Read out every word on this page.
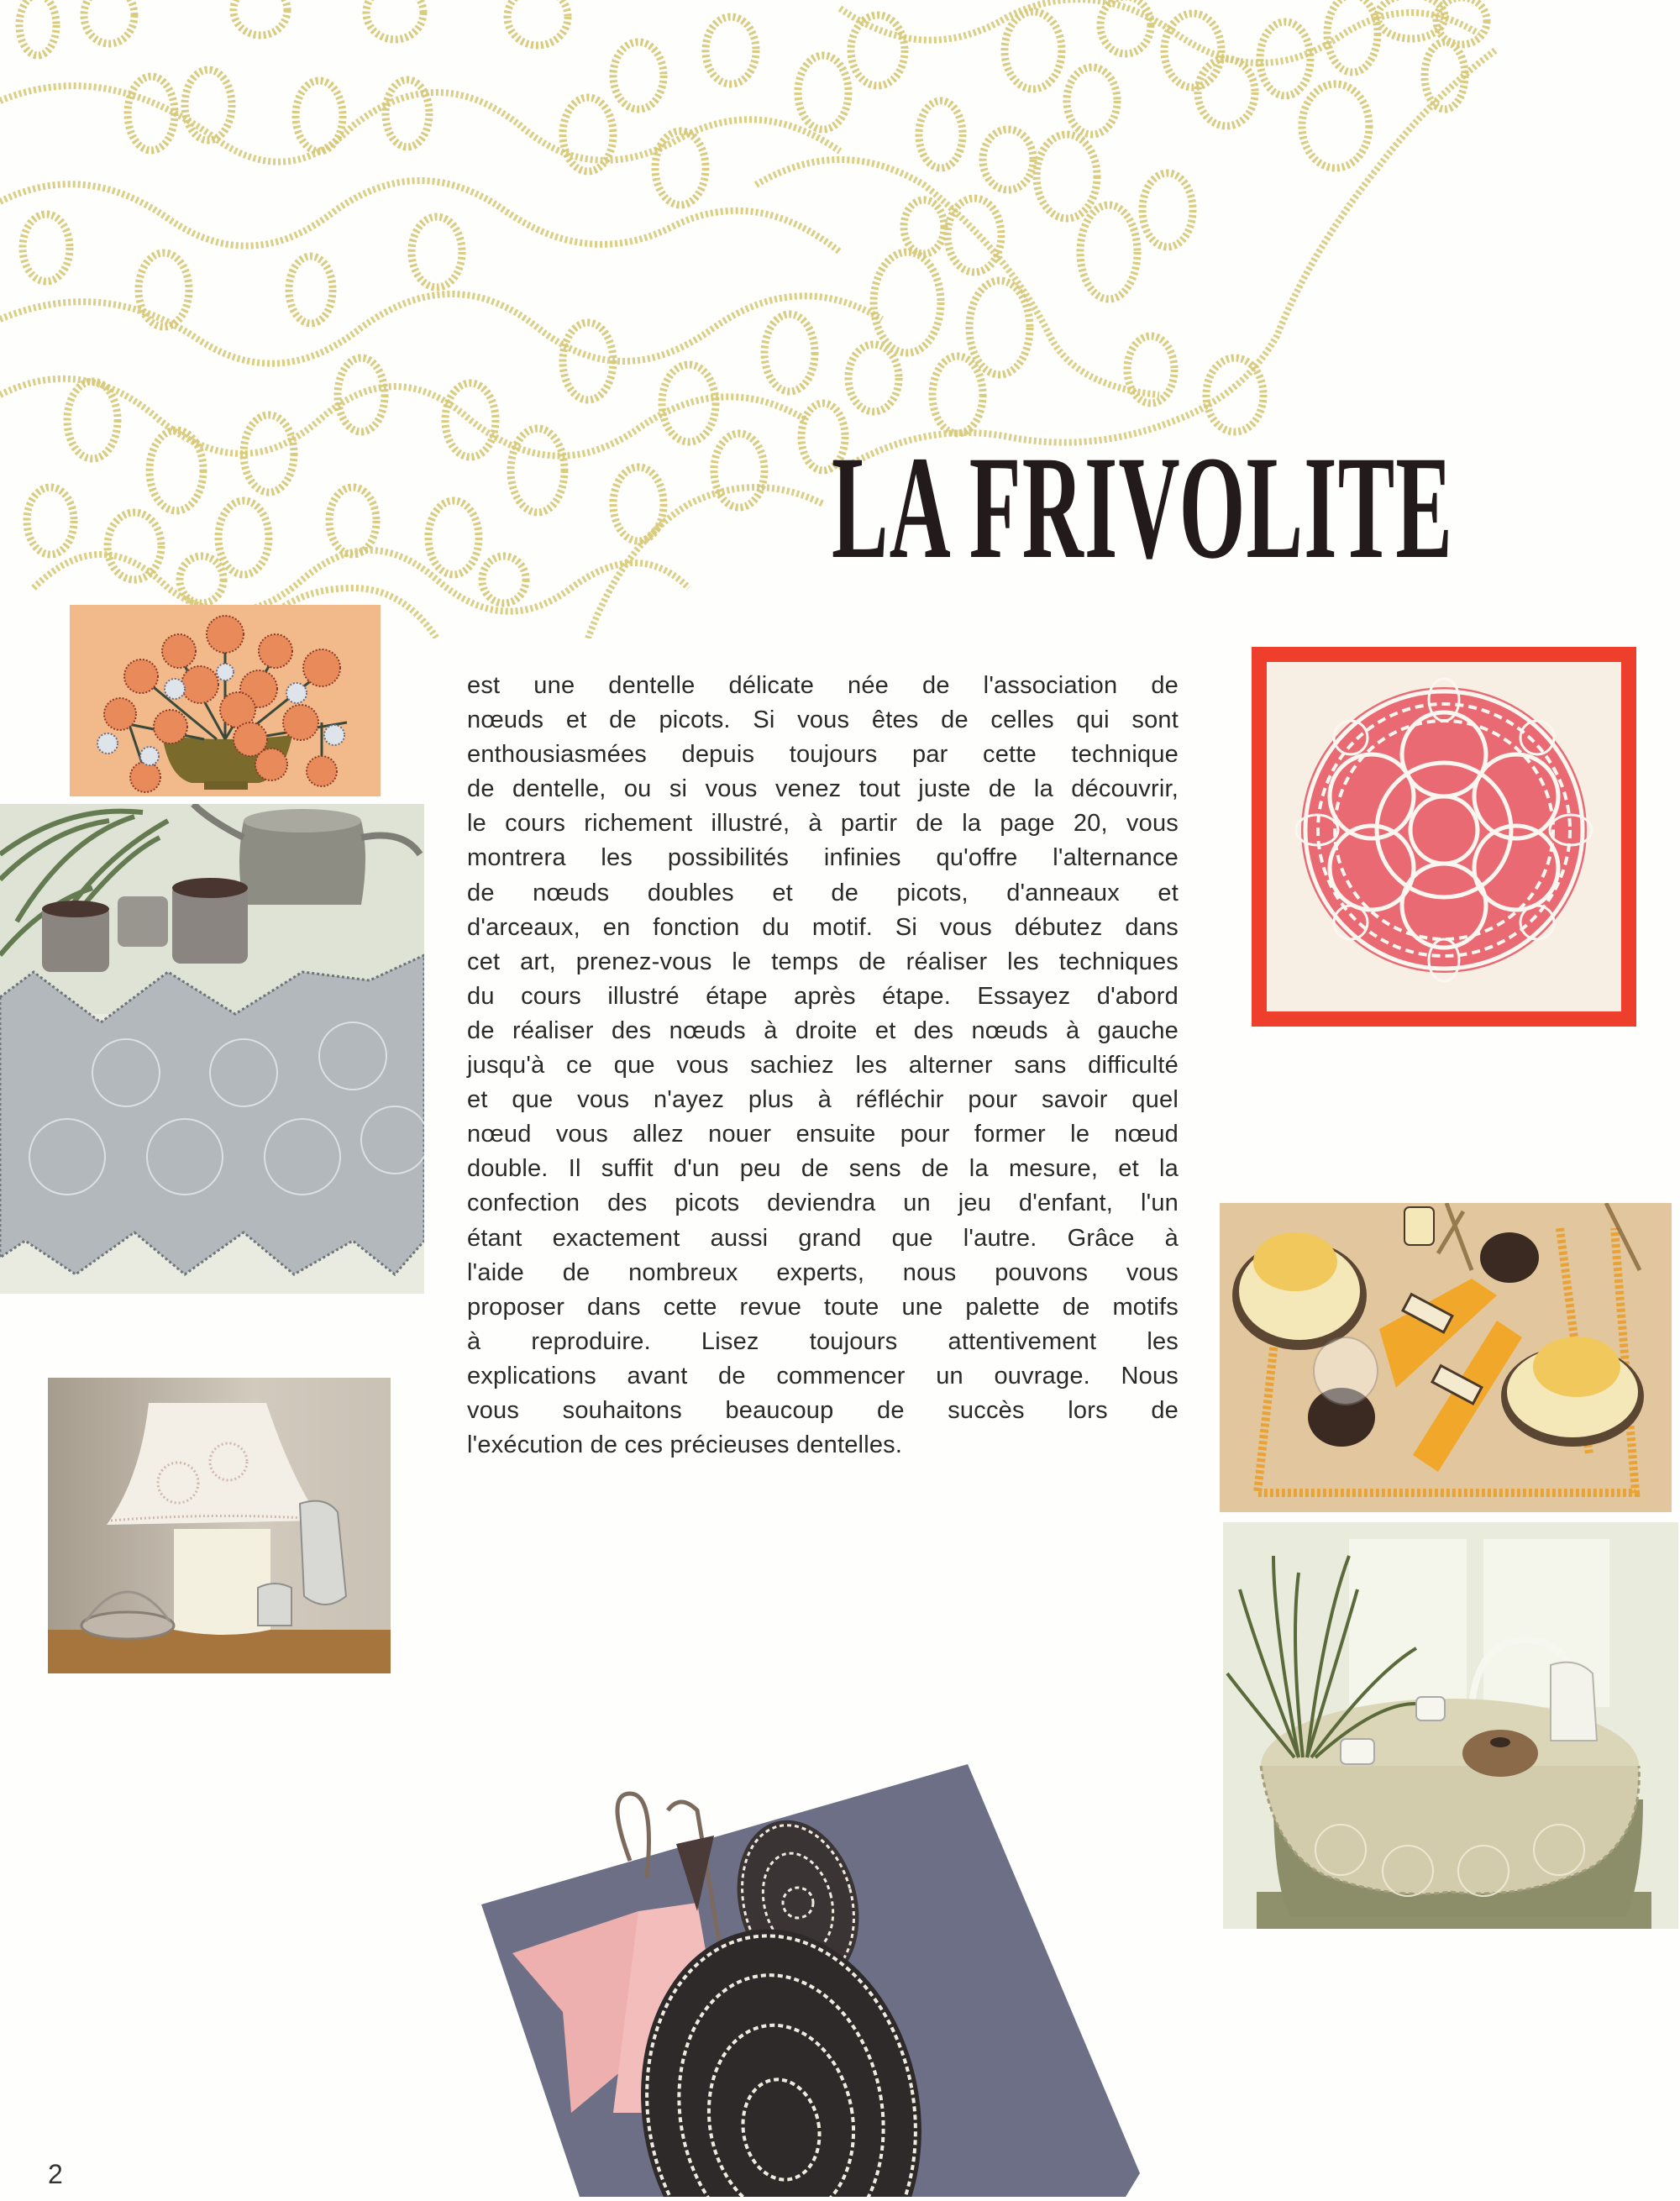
LA FRIVOLITE
est une dentelle délicate née de l'association de
nœuds et de picots. Si vous êtes de celles qui sont
enthousiasmées depuis toujours par cette technique
de dentelle, ou si vous venez tout juste de la découvrir,
le cours richement illustré, à partir de la page 20, vous
montrera les possibilités infinies qu'offre l'alternance
de nœuds doubles et de picots, d'anneaux et
d'arceaux, en fonction du motif. Si vous débutez dans
cet art, prenez-vous le temps de réaliser les techniques
du cours illustré étape après étape. Essayez d'abord
de réaliser des nœuds à droite et des nœuds à gauche
jusqu'à ce que vous sachiez les alterner sans difficulté
et que vous n'ayez plus à réfléchir pour savoir quel
nœud vous allez nouer ensuite pour former le nœud
double. Il suffit d'un peu de sens de la mesure, et la
confection des picots deviendra un jeu d'enfant, l'un
étant exactement aussi grand que l'autre. Grâce à
l'aide de nombreux experts, nous pouvons vous
proposer dans cette revue toute une palette de motifs
à reproduire. Lisez toujours attentivement les
explications avant de commencer un ouvrage. Nous
vous souhaitons beaucoup de succès lors de
l'exécution de ces précieuses dentelles.
2
